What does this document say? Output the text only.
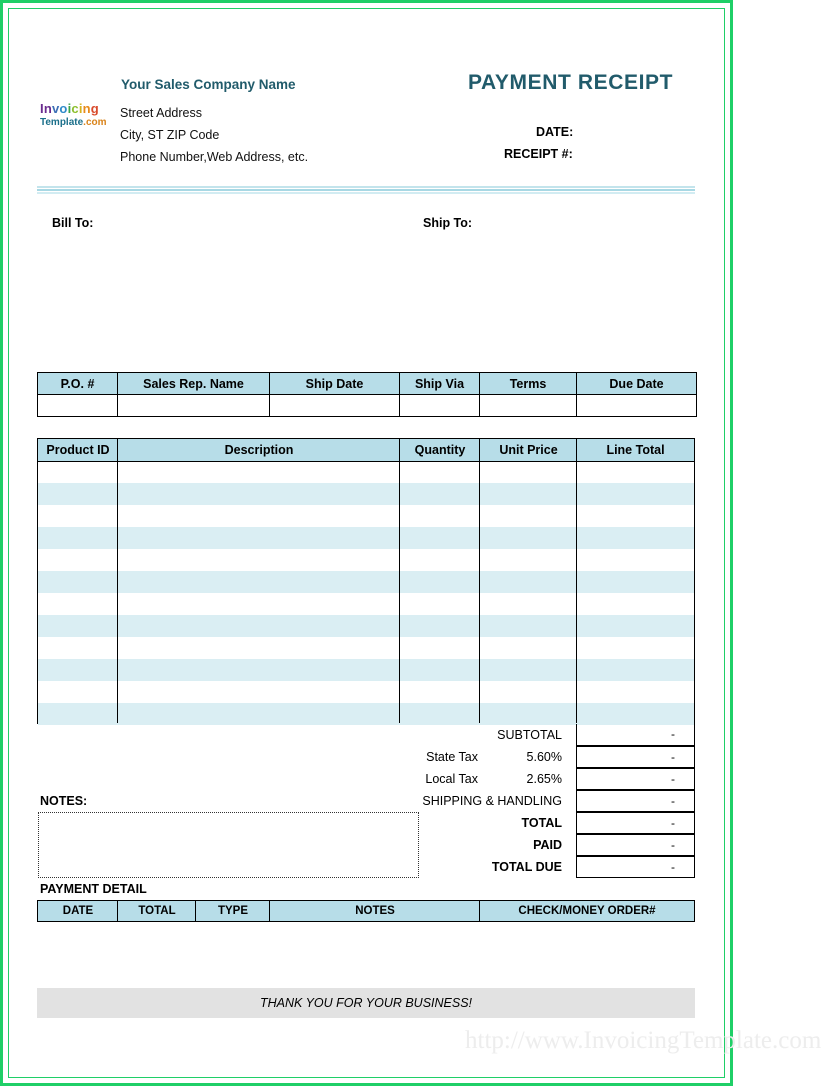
Invoicing
Template.com
Your Sales Company Name
Street Address
City, ST ZIP Code
Phone Number,Web Address, etc.
PAYMENT RECEIPT
DATE:
RECEIPT #:
Bill To:	Ship To:
P.O. #	Sales Rep. Name	Ship Date	Ship Via	Terms	Due Date

Product ID	Description	Quantity	Unit Price	Line Total
SUBTOTAL	-
State Tax	5.60%	-
Local Tax	2.65%	-
SHIPPING & HANDLING	-
TOTAL	-
PAID	-
TOTAL DUE	-
NOTES:
PAYMENT DETAIL
DATE	TOTAL	TYPE	NOTES	CHECK/MONEY ORDER#
THANK YOU FOR YOUR BUSINESS!
http://www.InvoicingTemplate.com
